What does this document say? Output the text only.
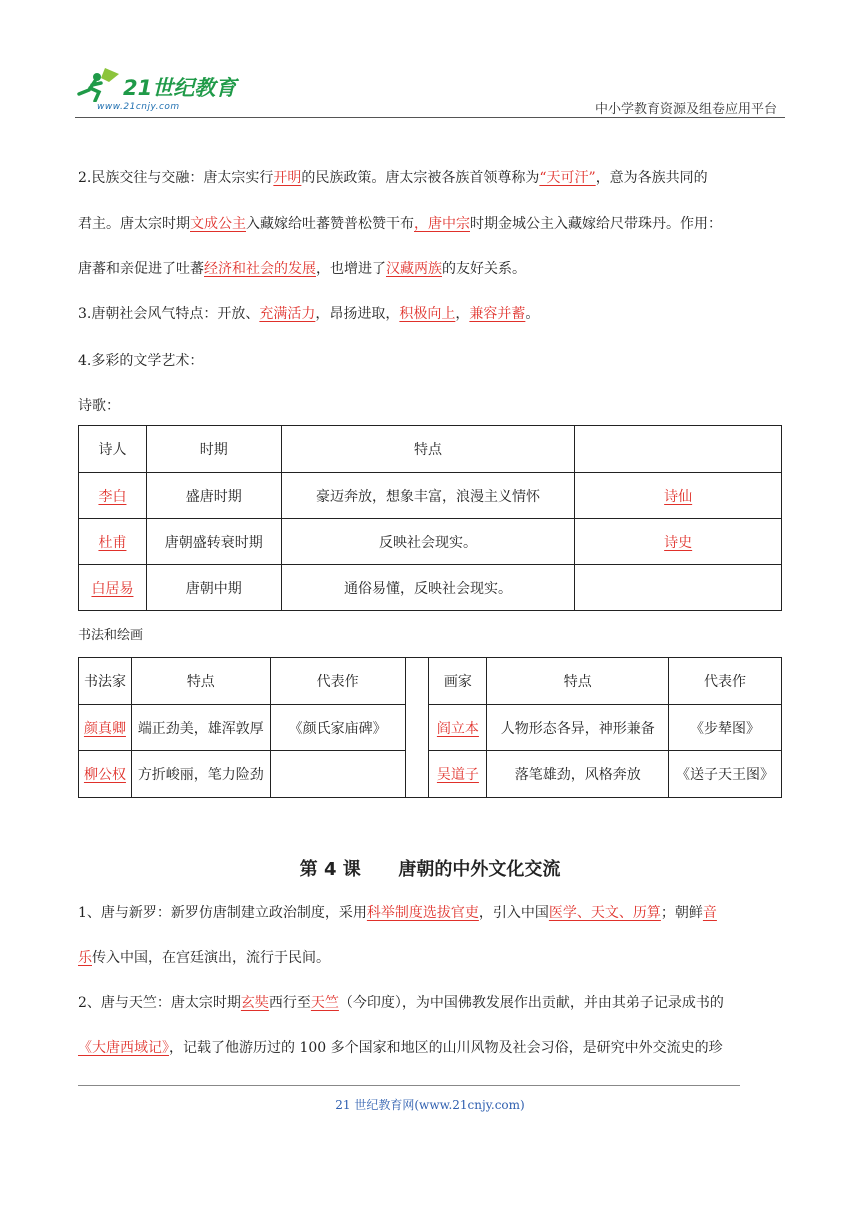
21世纪教育
www.21cnjy.com	中小学教育资源及组卷应用平台
2.民族交往与交融：唐太宗实行开明的民族政策。唐太宗被各族首领尊称为“天可汗”，意为各族共同的
君主。唐太宗时期文成公主入藏嫁给吐蕃赞普松赞干布，唐中宗时期金城公主入藏嫁给尺带珠丹。作用：
唐蕃和亲促进了吐蕃经济和社会的发展，也增进了汉藏两族的友好关系。
3.唐朝社会风气特点：开放、充满活力，昂扬进取，积极向上，兼容并蓄。
4.多彩的文学艺术：
诗歌：
诗人	时期	特点	
李白	盛唐时期	豪迈奔放，想象丰富，浪漫主义情怀	诗仙
杜甫	唐朝盛转衰时期	反映社会现实。	诗史
白居易	唐朝中期	通俗易懂，反映社会现实。	
书法和绘画
书法家	特点	代表作		画家	特点	代表作
颜真卿	端正劲美，雄浑敦厚	《颜氏家庙碑》		阎立本	人物形态各异，神形兼备	《步辇图》
柳公权	方折峻丽，笔力险劲			吴道子	落笔雄劲，风格奔放	《送子天王图》
第 4 课      唐朝的中外文化交流
1、唐与新罗：新罗仿唐制建立政治制度，采用科举制度选拔官吏，引入中国医学、天文、历算；朝鲜音
乐传入中国，在宫廷演出，流行于民间。
2、唐与天竺：唐太宗时期玄奘西行至天竺（今印度），为中国佛教发展作出贡献，并由其弟子记录成书的
《大唐西域记》，记载了他游历过的 100 多个国家和地区的山川风物及社会习俗，是研究中外交流史的珍
21 世纪教育网(www.21cnjy.com)
